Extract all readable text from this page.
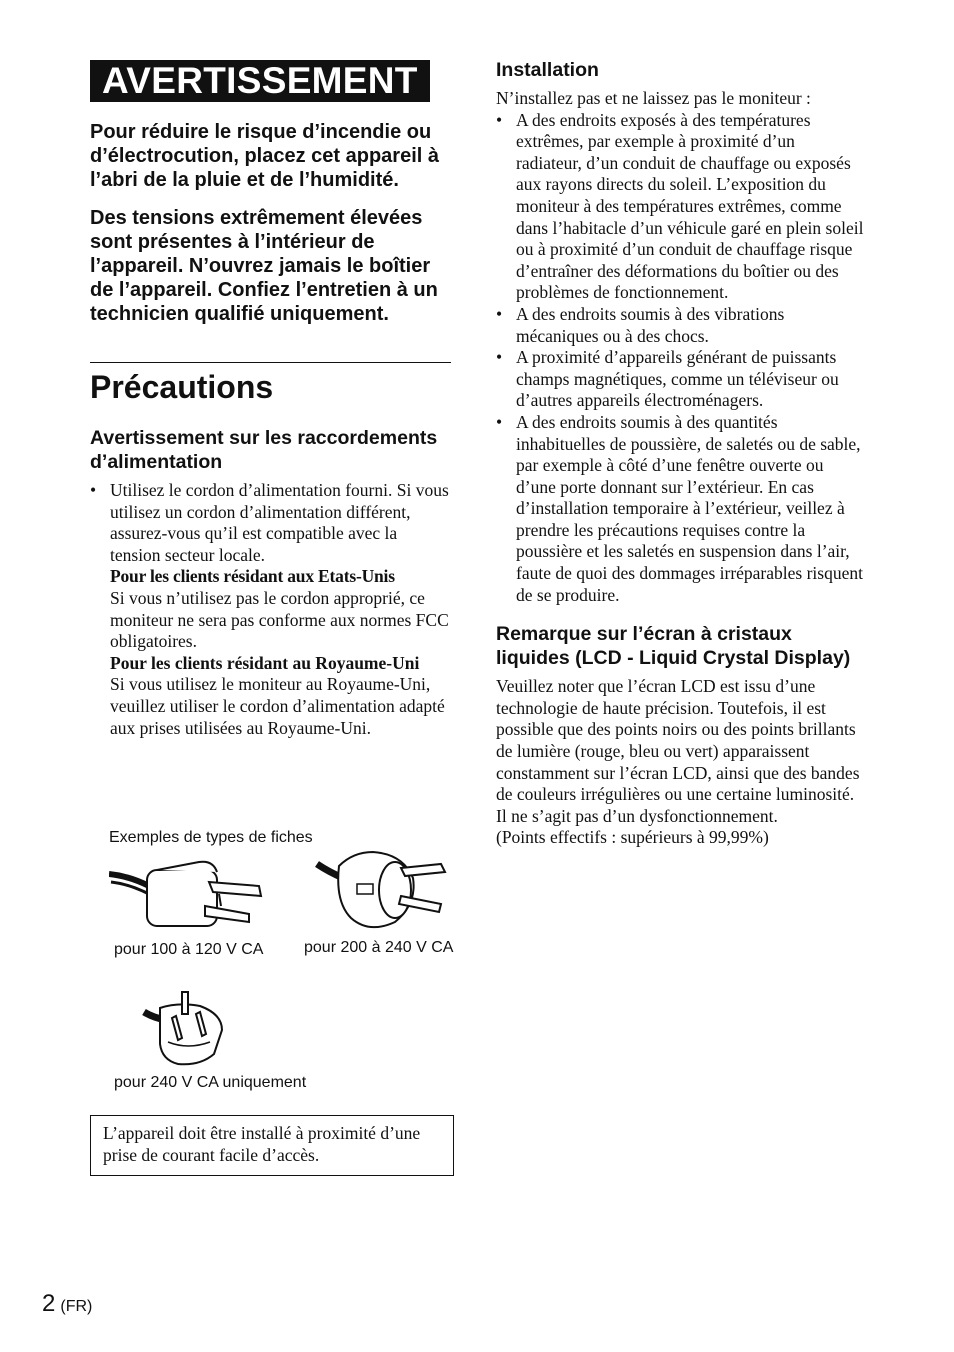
AVERTISSEMENT

Pour réduire le risque d’incendie ou d’électrocution, placez cet appareil à l’abri de la pluie et de l’humidité.

Des tensions extrêmement élevées sont présentes à l’intérieur de l’appareil. N’ouvrez jamais le boîtier de l’appareil. Confiez l’entretien à un technicien qualifié uniquement.

Précautions
Avertissement sur les raccordements d’alimentation
• Utilisez le cordon d’alimentation fourni. Si vous utilisez un cordon d’alimentation différent, assurez-vous qu’il est compatible avec la tension secteur locale.
Pour les clients résidant aux Etats-Unis
Si vous n’utilisez pas le cordon approprié, ce moniteur ne sera pas conforme aux normes FCC obligatoires.
Pour les clients résidant au Royaume-Uni
Si vous utilisez le moniteur au Royaume-Uni, veuillez utiliser le cordon d’alimentation adapté aux prises utilisées au Royaume-Uni.
Exemples de types de fiches
pour 100 à 120 V CA	pour 200 à 240 V CA
pour 240 V CA uniquement
L’appareil doit être installé à proximité d’une prise de courant facile d’accès.
Installation
N’installez pas et ne laissez pas le moniteur :
• A des endroits exposés à des températures extrêmes, par exemple à proximité d’un radiateur, d’un conduit de chauffage ou exposés aux rayons directs du soleil. L’exposition du moniteur à des températures extrêmes, comme dans l’habitacle d’un véhicule garé en plein soleil ou à proximité d’un conduit de chauffage risque d’entraîner des déformations du boîtier ou des problèmes de fonctionnement.
• A des endroits soumis à des vibrations mécaniques ou à des chocs.
• A proximité d’appareils générant de puissants champs magnétiques, comme un téléviseur ou d’autres appareils électroménagers.
• A des endroits soumis à des quantités inhabituelles de poussière, de saletés ou de sable, par exemple à côté d’une fenêtre ouverte ou d’une porte donnant sur l’extérieur. En cas d’installation temporaire à l’extérieur, veillez à prendre les précautions requises contre la poussière et les saletés en suspension dans l’air, faute de quoi des dommages irréparables risquent de se produire.
Remarque sur l’écran à cristaux liquides (LCD - Liquid Crystal Display)
Veuillez noter que l’écran LCD est issu d’une technologie de haute précision. Toutefois, il est possible que des points noirs ou des points brillants de lumière (rouge, bleu ou vert) apparaissent constamment sur l’écran LCD, ainsi que des bandes de couleurs irrégulières ou une certaine luminosité. Il ne s’agit pas d’un dysfonctionnement.
(Points effectifs : supérieurs à 99,99%)
2 (FR)
